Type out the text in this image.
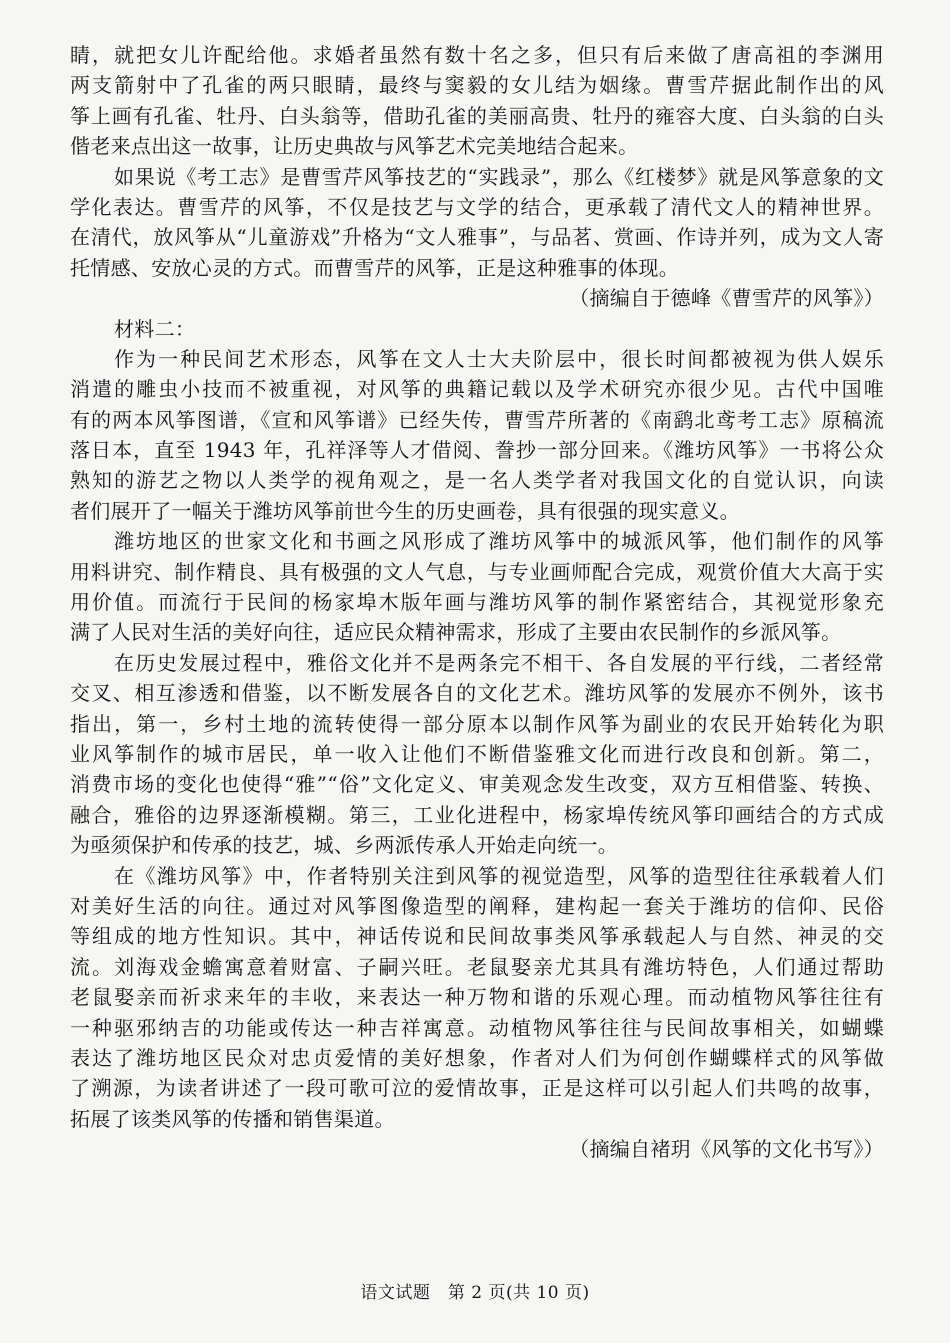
睛，就把女儿许配给他。求婚者虽然有数十名之多，但只有后来做了唐高祖的李渊用
两支箭射中了孔雀的两只眼睛，最终与窦毅的女儿结为姻缘。曹雪芹据此制作出的风
筝上画有孔雀、牡丹、白头翁等，借助孔雀的美丽高贵、牡丹的雍容大度、白头翁的白头
偕老来点出这一故事，让历史典故与风筝艺术完美地结合起来。
如果说《考工志》是曹雪芹风筝技艺的“实践录”，那么《红楼梦》就是风筝意象的文
学化表达。曹雪芹的风筝，不仅是技艺与文学的结合，更承载了清代文人的精神世界。
在清代，放风筝从“儿童游戏”升格为“文人雅事”，与品茗、赏画、作诗并列，成为文人寄
托情感、安放心灵的方式。而曹雪芹的风筝，正是这种雅事的体现。
（摘编自于德峰《曹雪芹的风筝》）
材料二：
作为一种民间艺术形态，风筝在文人士大夫阶层中，很长时间都被视为供人娱乐
消遣的雕虫小技而不被重视，对风筝的典籍记载以及学术研究亦很少见。古代中国唯
有的两本风筝图谱，《宣和风筝谱》已经失传，曹雪芹所著的《南鹞北鸢考工志》原稿流
落日本，直至 1943 年，孔祥泽等人才借阅、誊抄一部分回来。《潍坊风筝》一书将公众
熟知的游艺之物以人类学的视角观之，是一名人类学者对我国文化的自觉认识，向读
者们展开了一幅关于潍坊风筝前世今生的历史画卷，具有很强的现实意义。
潍坊地区的世家文化和书画之风形成了潍坊风筝中的城派风筝，他们制作的风筝
用料讲究、制作精良、具有极强的文人气息，与专业画师配合完成，观赏价值大大高于实
用价值。而流行于民间的杨家埠木版年画与潍坊风筝的制作紧密结合，其视觉形象充
满了人民对生活的美好向往，适应民众精神需求，形成了主要由农民制作的乡派风筝。
在历史发展过程中，雅俗文化并不是两条完不相干、各自发展的平行线，二者经常
交叉、相互渗透和借鉴，以不断发展各自的文化艺术。潍坊风筝的发展亦不例外，该书
指出，第一，乡村土地的流转使得一部分原本以制作风筝为副业的农民开始转化为职
业风筝制作的城市居民，单一收入让他们不断借鉴雅文化而进行改良和创新。第二，
消费市场的变化也使得“雅”“俗”文化定义、审美观念发生改变，双方互相借鉴、转换、
融合，雅俗的边界逐渐模糊。第三，工业化进程中，杨家埠传统风筝印画结合的方式成
为亟须保护和传承的技艺，城、乡两派传承人开始走向统一。
在《潍坊风筝》中，作者特别关注到风筝的视觉造型，风筝的造型往往承载着人们
对美好生活的向往。通过对风筝图像造型的阐释，建构起一套关于潍坊的信仰、民俗
等组成的地方性知识。其中，神话传说和民间故事类风筝承载起人与自然、神灵的交
流。刘海戏金蟾寓意着财富、子嗣兴旺。老鼠娶亲尤其具有潍坊特色，人们通过帮助
老鼠娶亲而祈求来年的丰收，来表达一种万物和谐的乐观心理。而动植物风筝往往有
一种驱邪纳吉的功能或传达一种吉祥寓意。动植物风筝往往与民间故事相关，如蝴蝶
表达了潍坊地区民众对忠贞爱情的美好想象，作者对人们为何创作蝴蝶样式的风筝做
了溯源，为读者讲述了一段可歌可泣的爱情故事，正是这样可以引起人们共鸣的故事，
拓展了该类风筝的传播和销售渠道。
（摘编自褚玥《风筝的文化书写》）
语文试题　第 2 页(共 10 页)
